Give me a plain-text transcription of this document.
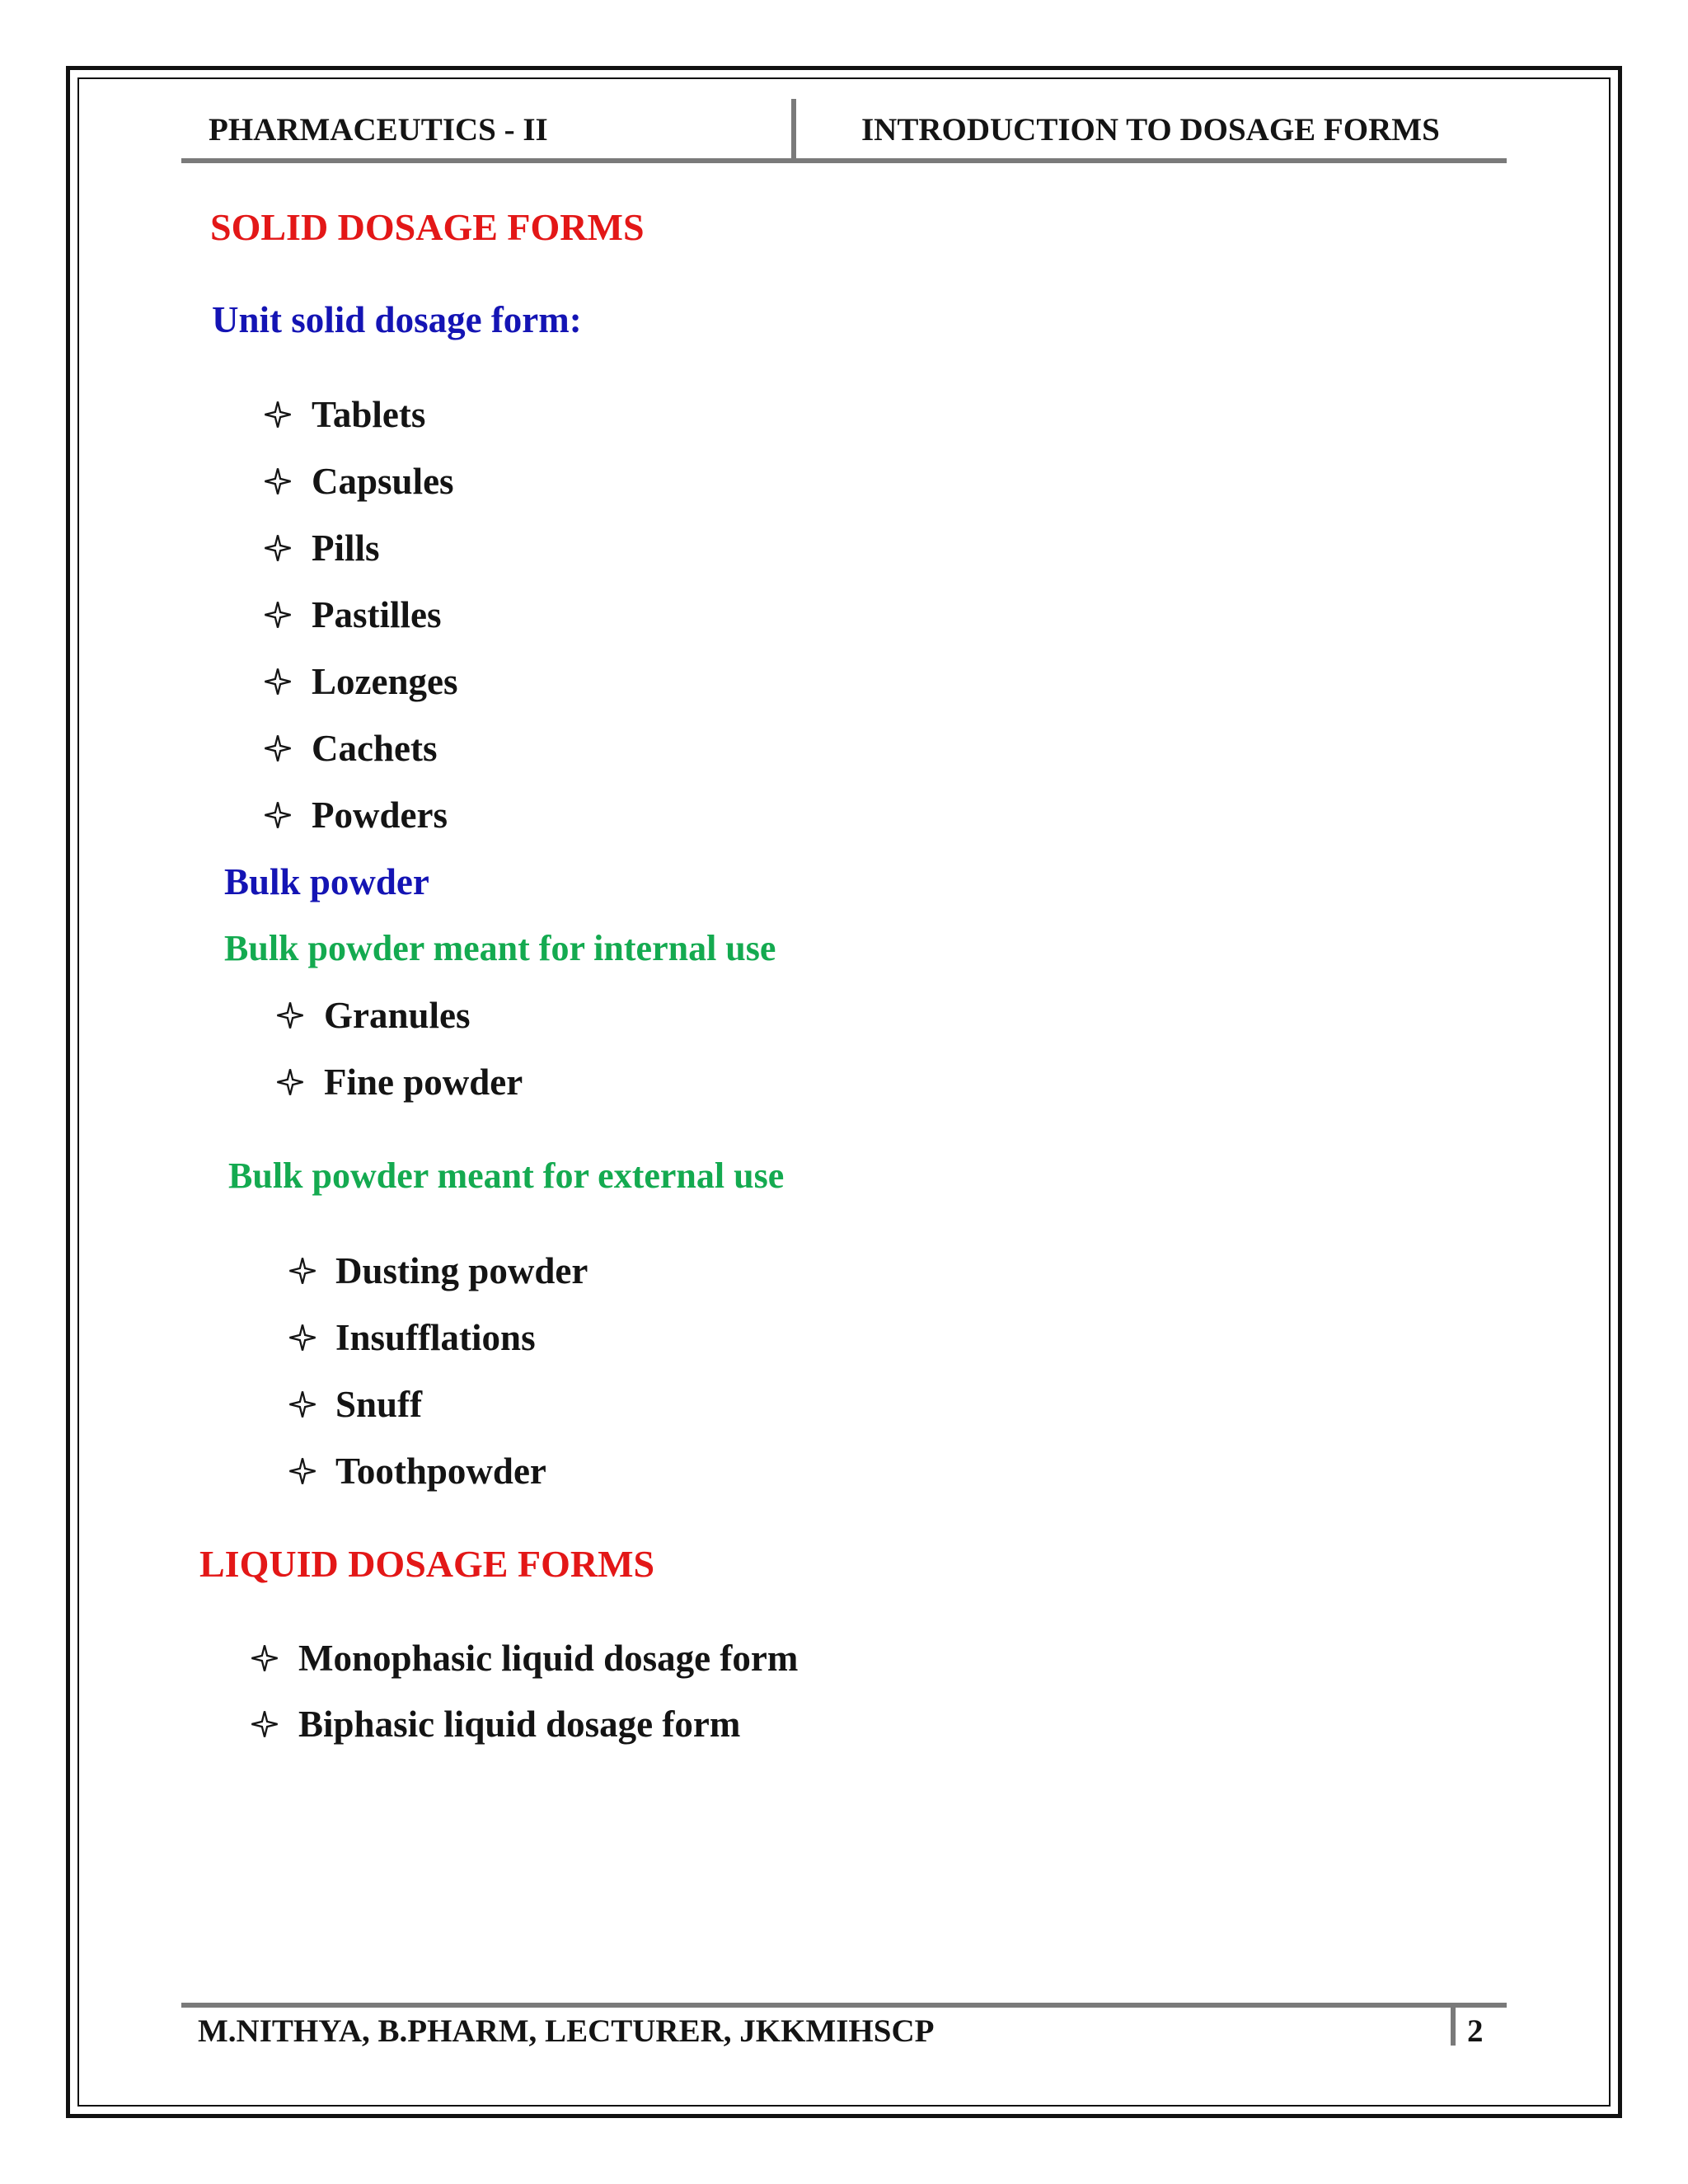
PHARMACEUTICS - II	INTRODUCTION TO DOSAGE FORMS
SOLID DOSAGE FORMS
Unit solid dosage form:
Tablets
Capsules
Pills
Pastilles
Lozenges
Cachets
Powders
Bulk powder
Bulk powder meant for internal use
Granules
Fine powder
Bulk powder meant for external use
Dusting powder
Insufflations
Snuff
Toothpowder
LIQUID DOSAGE FORMS
Monophasic liquid dosage form
Biphasic liquid dosage form
M.NITHYA, B.PHARM, LECTURER, JKKMIHSCP	2
